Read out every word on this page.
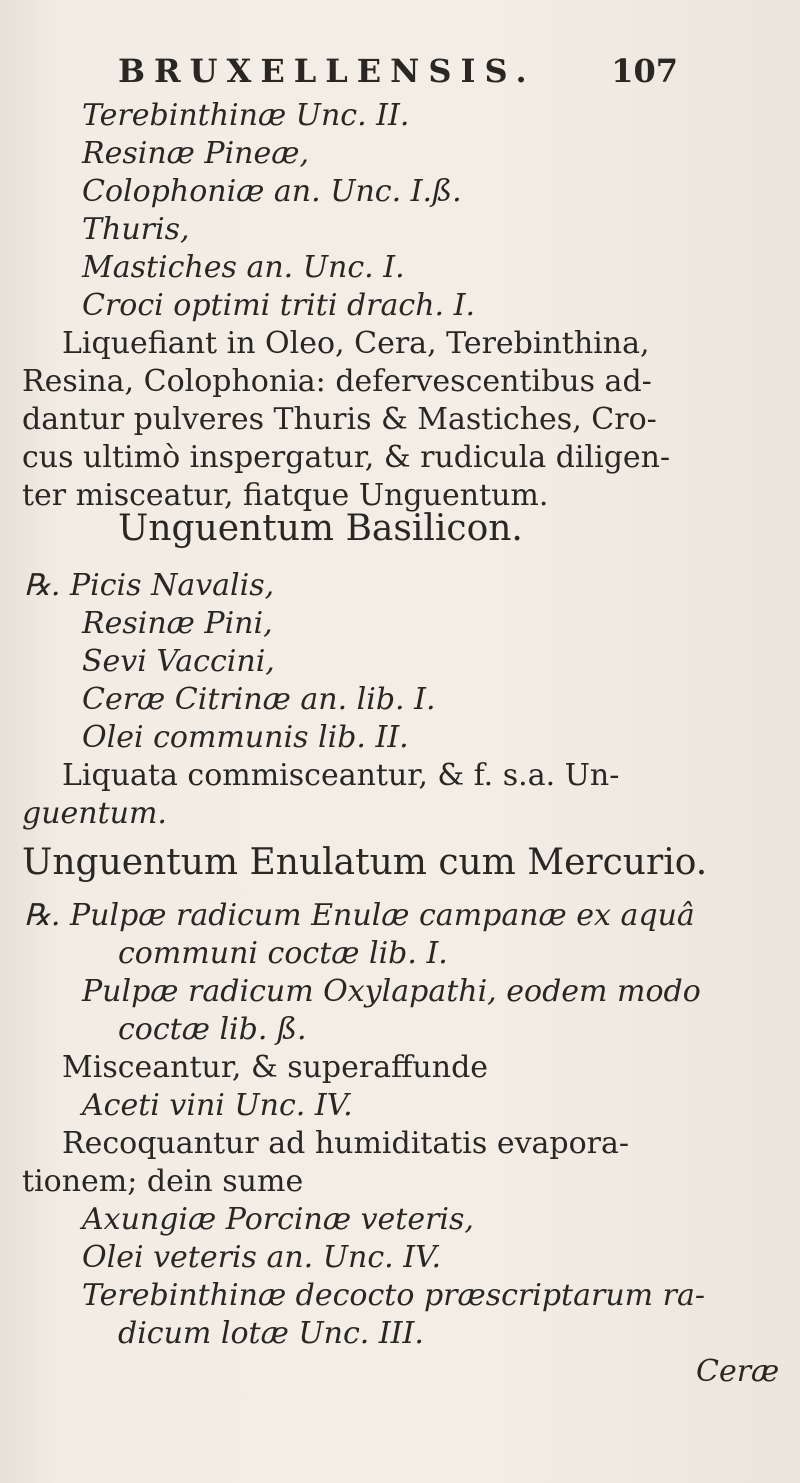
BRUXELLENSIS. 107
Terebinthinæ Unc. II.
Resinæ Pineæ,
Colophoniæ an. Unc. I.ß.
Thuris,
Mastiches an. Unc. I.
Croci optimi triti drach. I.
Liquefiant in Oleo, Cera, Terebinthina,
Resina, Colophonia: defervescentibus ad-
dantur pulveres Thuris & Mastiches, Cro-
cus ultimò inspergatur, & rudicula diligen-
ter misceatur, fiatque Unguentum.
Unguentum Basilicon.
℞. Picis Navalis,
Resinæ Pini,
Sevi Vaccini,
Ceræ Citrinæ an. lib. I.
Olei communis lib. II.
Liquata commisceantur, & f. s.a. Un-
guentum.
Unguentum Enulatum cum Mercurio.
℞. Pulpæ radicum Enulæ campanæ ex aquâ
communi coctæ lib. I.
Pulpæ radicum Oxylapathi, eodem modo
coctæ lib. ß.
Misceantur, & superaffunde
Aceti vini Unc. IV.
Recoquantur ad humiditatis evapora-
tionem; dein sume
Axungiæ Porcinæ veteris,
Olei veteris an. Unc. IV.
Terebinthinæ decocto præscriptarum ra-
dicum lotæ Unc. III.
Ceræ
